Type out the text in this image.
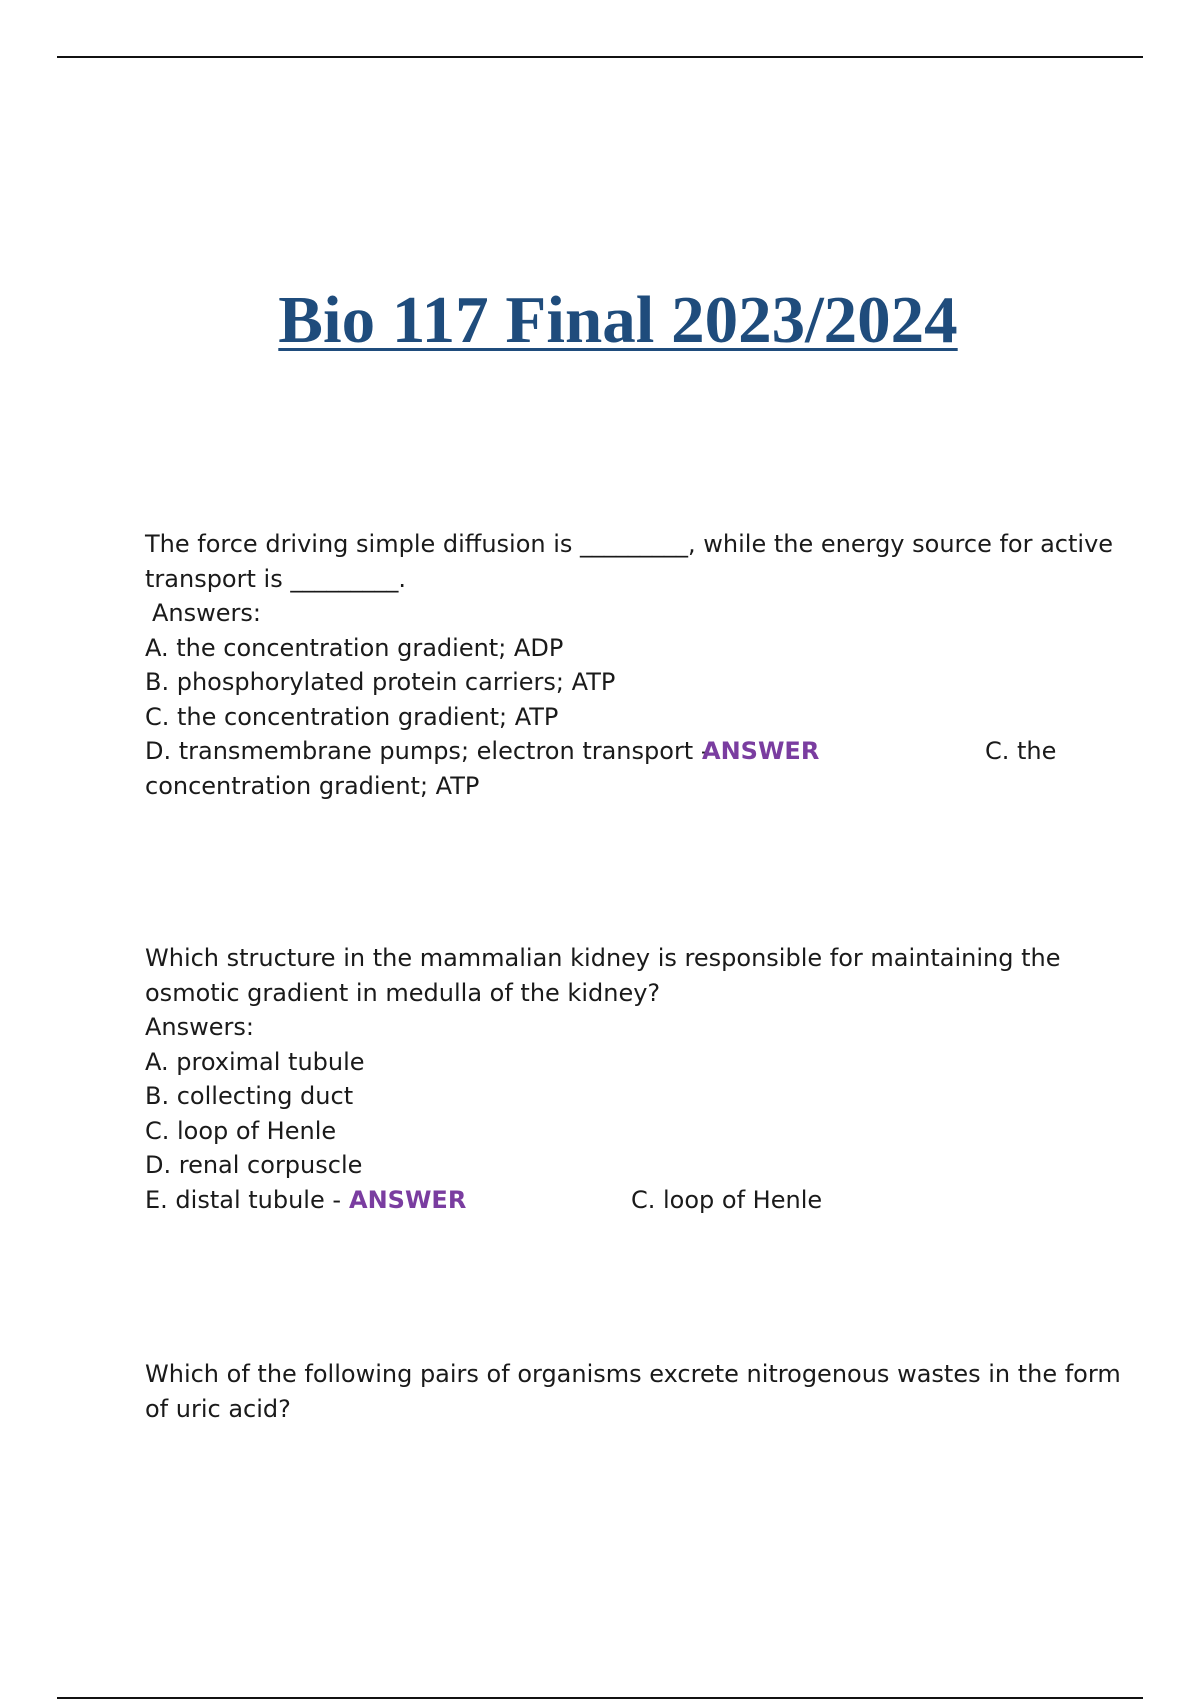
Bio 117 Final 2023/2024
The force driving simple diffusion is _________, while the energy source for active
transport is _________.
Answers:
A. the concentration gradient; ADP
B. phosphorylated protein carriers; ATP
C. the concentration gradient; ATP
D. transmembrane pumps; electron transport -
ANSWER	C. the
concentration gradient; ATP
Which structure in the mammalian kidney is responsible for maintaining the
osmotic gradient in medulla of the kidney?
Answers:
A. proximal tubule
B. collecting duct
C. loop of Henle
D. renal corpuscle
E. distal tubule - ANSWER	C. loop of Henle
Which of the following pairs of organisms excrete nitrogenous wastes in the form
of uric acid?
